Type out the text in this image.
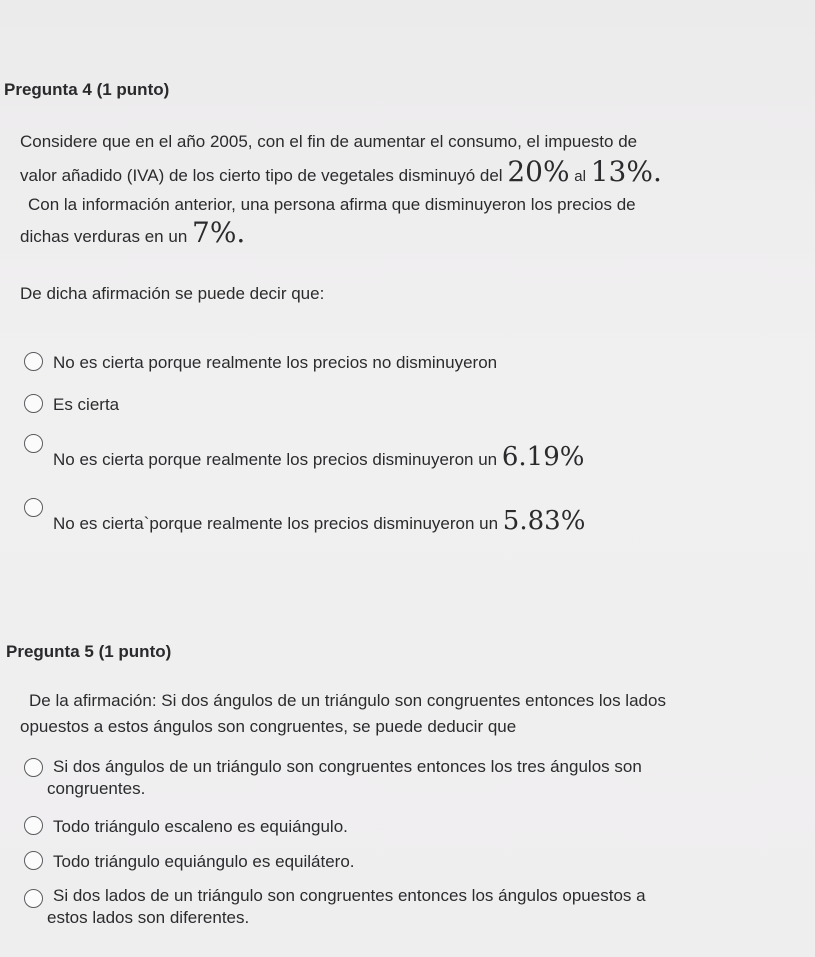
Pregunta 4 (1 punto)
Considere que en el año 2005, con el fin de aumentar el consumo, el impuesto de
valor añadido (IVA) de los cierto tipo de vegetales disminuyó del 20% al 13%.
Con la información anterior, una persona afirma que disminuyeron los precios de
dichas verduras en un 7%.
De dicha afirmación se puede decir que:
No es cierta porque realmente los precios no disminuyeron
Es cierta
No es cierta porque realmente los precios disminuyeron un 6.19%
No es cierta`porque realmente los precios disminuyeron un 5.83%
Pregunta 5 (1 punto)
De la afirmación: Si dos ángulos de un triángulo son congruentes entonces los lados
opuestos a estos ángulos son congruentes, se puede deducir que
Si dos ángulos de un triángulo son congruentes entonces los tres ángulos son
congruentes.
Todo triángulo escaleno es equiángulo.
Todo triángulo equiángulo es equilátero.
Si dos lados de un triángulo son congruentes entonces los ángulos opuestos a
estos lados son diferentes.
